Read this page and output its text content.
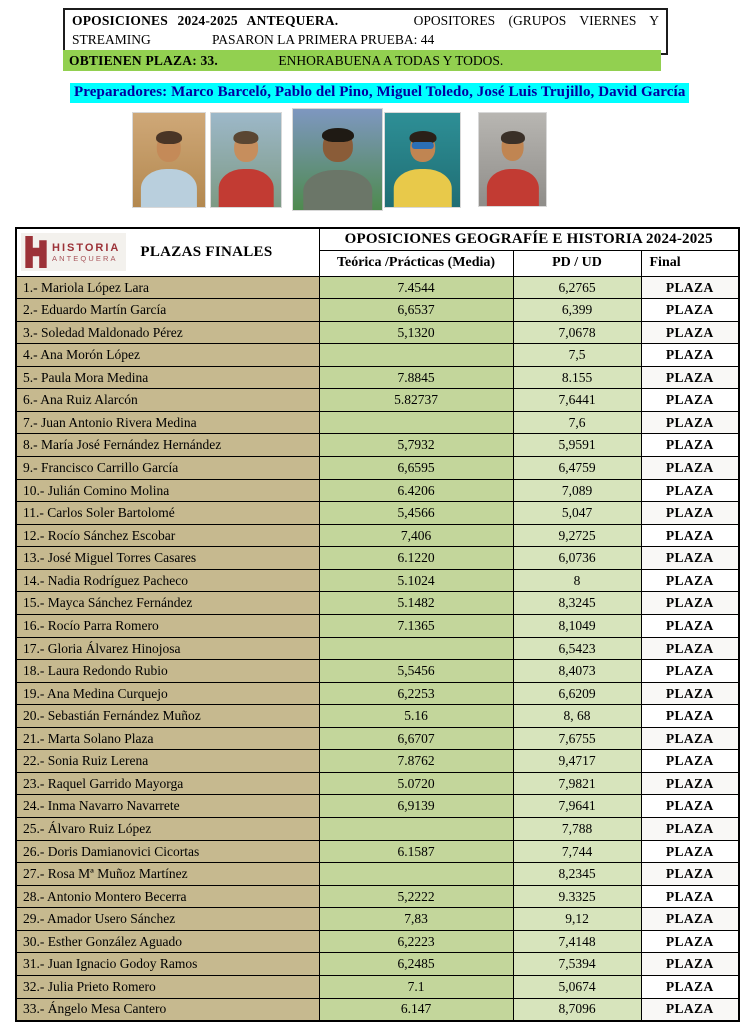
OPOSICIONES 2024-2025 ANTEQUERA.	OPOSITORES (GRUPOS VIERNES Y
STREAMING	PASARON LA PRIMERA PRUEBA: 44
OBTIENEN PLAZA: 33.	ENHORABUENA A TODAS Y TODOS.
Preparadores: Marco Barceló, Pablo del Pino, Miguel Toledo, José Luis Trujillo, David García
HISTORIA
ANTEQUERA PLAZAS FINALES	OPOSICIONES GEOGRAFÍE E HISTORIA 2024-2025		
	Teórica /Prácticas (Media)	PD / UD	Final
1.- Mariola López Lara	7.4544	6,2765	PLAZA
2.- Eduardo Martín García	6,6537	6,399	PLAZA
3.- Soledad Maldonado Pérez	5,1320	7,0678	PLAZA
4.- Ana Morón López		7,5	PLAZA
5.- Paula Mora Medina	7.8845	8.155	PLAZA
6.- Ana Ruiz Alarcón	5.82737	7,6441	PLAZA
7.- Juan Antonio Rivera Medina		7,6	PLAZA
8.- María José Fernández Hernández	5,7932	5,9591	PLAZA
9.- Francisco Carrillo García	6,6595	6,4759	PLAZA
10.- Julián Comino Molina	6.4206	7,089	PLAZA
11.- Carlos Soler Bartolomé	5,4566	5,047	PLAZA
12.- Rocío Sánchez Escobar	7,406	9,2725	PLAZA
13.- José Miguel Torres Casares	6.1220	6,0736	PLAZA
14.- Nadia Rodríguez Pacheco	5.1024	8	PLAZA
15.- Mayca Sánchez Fernández	5.1482	8,3245	PLAZA
16.- Rocío Parra Romero	7.1365	8,1049	PLAZA
17.- Gloria Álvarez Hinojosa		6,5423	PLAZA
18.- Laura Redondo Rubio	5,5456	8,4073	PLAZA
19.- Ana Medina Curquejo	6,2253	6,6209	PLAZA
20.- Sebastián Fernández Muñoz	5.16	8, 68	PLAZA
21.- Marta Solano Plaza	6,6707	7,6755	PLAZA
22.- Sonia Ruiz Lerena	7.8762	9,4717	PLAZA
23.- Raquel Garrido Mayorga	5.0720	7,9821	PLAZA
24.- Inma Navarro Navarrete	6,9139	7,9641	PLAZA
25.- Álvaro Ruiz López		7,788	PLAZA
26.- Doris Damianovici Cicortas	6.1587	7,744	PLAZA
27.- Rosa Mª Muñoz Martínez		8,2345	PLAZA
28.- Antonio Montero Becerra	5,2222	9.3325	PLAZA
29.- Amador Usero Sánchez	7,83	9,12	PLAZA
30.- Esther González Aguado	6,2223	7,4148	PLAZA
31.- Juan Ignacio Godoy Ramos	6,2485	7,5394	PLAZA
32.- Julia Prieto Romero	7.1	5,0674	PLAZA
33.- Ángelo Mesa Cantero	6.147	8,7096	PLAZA
